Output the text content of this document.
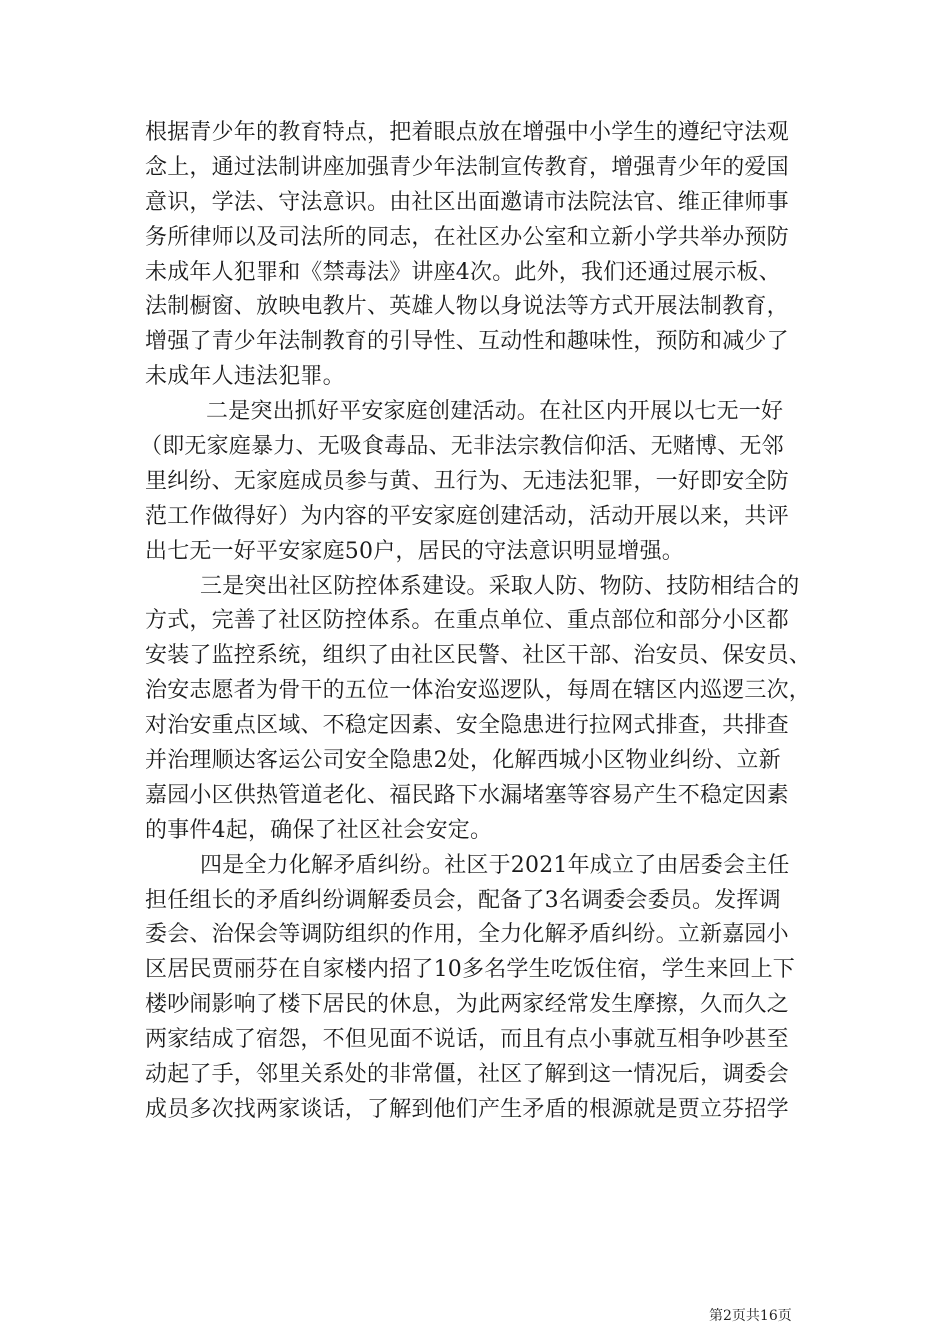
根据青少年的教育特点，把着眼点放在增强中小学生的遵纪守法观
念上，通过法制讲座加强青少年法制宣传教育，增强青少年的爱国
意识，学法、守法意识。由社区出面邀请市法院法官、维正律师事
务所律师以及司法所的同志，在社区办公室和立新小学共举办预防
未成年人犯罪和《禁毒法》讲座4次。此外，我们还通过展示板、
法制橱窗、放映电教片、英雄人物以身说法等方式开展法制教育，
增强了青少年法制教育的引导性、互动性和趣味性，预防和减少了
未成年人违法犯罪。
二是突出抓好平安家庭创建活动。在社区内开展以七无一好
（即无家庭暴力、无吸食毒品、无非法宗教信仰活、无赌博、无邻
里纠纷、无家庭成员参与黄、丑行为、无违法犯罪，一好即安全防
范工作做得好）为内容的平安家庭创建活动，活动开展以来，共评
出七无一好平安家庭50户，居民的守法意识明显增强。
三是突出社区防控体系建设。采取人防、物防、技防相结合的
方式，完善了社区防控体系。在重点单位、重点部位和部分小区都
安装了监控系统，组织了由社区民警、社区干部、治安员、保安员、
治安志愿者为骨干的五位一体治安巡逻队，每周在辖区内巡逻三次，
对治安重点区域、不稳定因素、安全隐患进行拉网式排查，共排查
并治理顺达客运公司安全隐患2处，化解西城小区物业纠纷、立新
嘉园小区供热管道老化、福民路下水漏堵塞等容易产生不稳定因素
的事件4起，确保了社区社会安定。
四是全力化解矛盾纠纷。社区于2021年成立了由居委会主任
担任组长的矛盾纠纷调解委员会，配备了3名调委会委员。发挥调
委会、治保会等调防组织的作用，全力化解矛盾纠纷。立新嘉园小
区居民贾丽芬在自家楼内招了10多名学生吃饭住宿，学生来回上下
楼吵闹影响了楼下居民的休息，为此两家经常发生摩擦，久而久之
两家结成了宿怨，不但见面不说话，而且有点小事就互相争吵甚至
动起了手，邻里关系处的非常僵，社区了解到这一情况后，调委会
成员多次找两家谈话，了解到他们产生矛盾的根源就是贾立芬招学
第2页共16页
